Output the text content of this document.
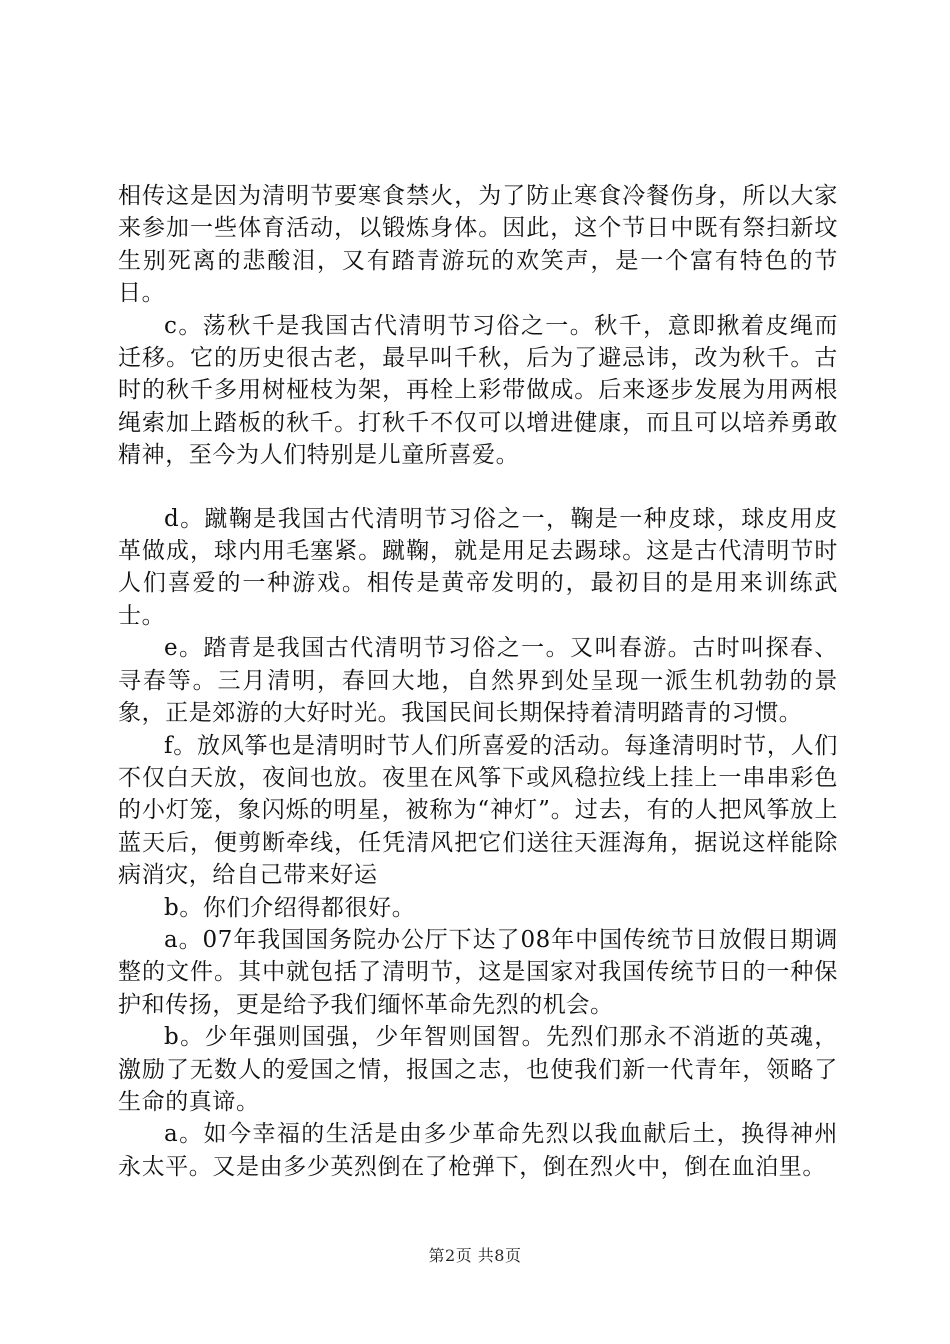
相传这是因为清明节要寒食禁火，为了防止寒食冷餐伤身，所以大家来参加一些体育活动，以锻炼身体。因此，这个节日中既有祭扫新坟生别死离的悲酸泪，又有踏青游玩的欢笑声，是一个富有特色的节日。

c。荡秋千是我国古代清明节习俗之一。秋千，意即揪着皮绳而迁移。它的历史很古老，最早叫千秋，后为了避忌讳，改为秋千。古时的秋千多用树桠枝为架，再栓上彩带做成。后来逐步发展为用两根绳索加上踏板的秋千。打秋千不仅可以增进健康，而且可以培养勇敢精神，至今为人们特别是儿童所喜爱。

d。蹴鞠是我国古代清明节习俗之一，鞠是一种皮球，球皮用皮革做成，球内用毛塞紧。蹴鞠，就是用足去踢球。这是古代清明节时人们喜爱的一种游戏。相传是黄帝发明的，最初目的是用来训练武士。

e。踏青是我国古代清明节习俗之一。又叫春游。古时叫探春、寻春等。三月清明，春回大地，自然界到处呈现一派生机勃勃的景象，正是郊游的大好时光。我国民间长期保持着清明踏青的习惯。

f。放风筝也是清明时节人们所喜爱的活动。每逢清明时节，人们不仅白天放，夜间也放。夜里在风筝下或风稳拉线上挂上一串串彩色的小灯笼，象闪烁的明星，被称为“神灯”。过去，有的人把风筝放上蓝天后，便剪断牵线，任凭清风把它们送往天涯海角，据说这样能除病消灾，给自己带来好运

b。你们介绍得都很好。

a。07年我国国务院办公厅下达了08年中国传统节日放假日期调整的文件。其中就包括了清明节，这是国家对我国传统节日的一种保护和传扬，更是给予我们缅怀革命先烈的机会。

b。少年强则国强，少年智则国智。先烈们那永不消逝的英魂，激励了无数人的爱国之情，报国之志，也使我们新一代青年，领略了生命的真谛。

a。如今幸福的生活是由多少革命先烈以我血献后土，换得神州永太平。又是由多少英烈倒在了枪弹下，倒在烈火中，倒在血泊里。

第2页 共8页
